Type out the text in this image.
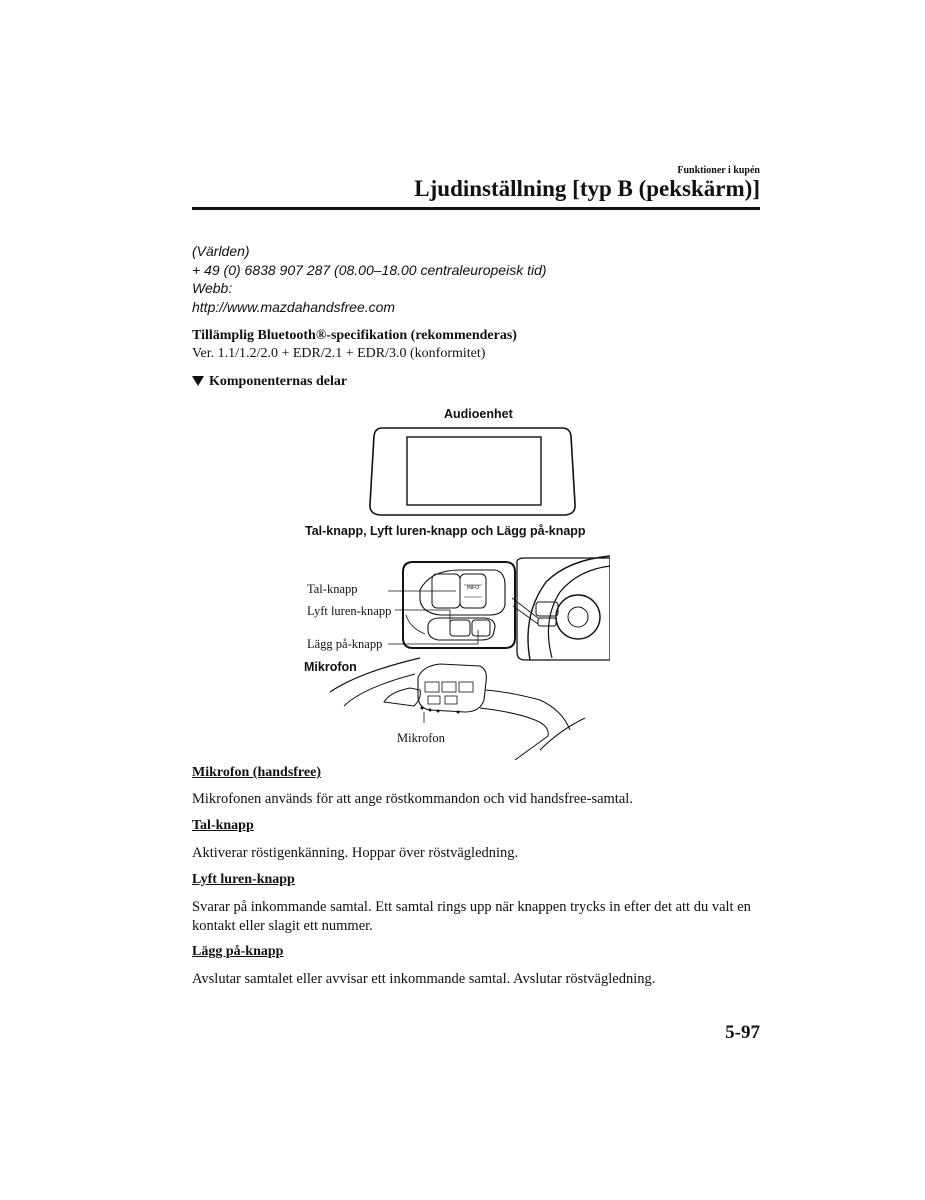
Funktioner i kupén
Ljudinställning [typ B (pekskärm)]
(Världen)
+ 49 (0) 6838 907 287 (08.00–18.00 centraleuropeisk tid)
Webb:
http://www.mazdahandsfree.com
Tillämplig Bluetooth®-specifikation (rekommenderas)
Ver. 1.1/1.2/2.0 + EDR/2.1 + EDR/3.0 (konformitet)
Komponenternas delar
Audioenhet
INFO
Tal-knapp, Lyft luren-knapp och Lägg på-knapp
Tal-knapp
Lyft luren-knapp
Lägg på-knapp
Mikrofon
Mikrofon
Mikrofon (handsfree)
Mikrofonen används för att ange röstkommandon och vid handsfree-samtal.
Tal-knapp
Aktiverar röstigenkänning. Hoppar över röstvägledning.
Lyft luren-knapp
Svarar på inkommande samtal. Ett samtal rings upp när knappen trycks in efter det att du valt en kontakt eller slagit ett nummer.
Lägg på-knapp
Avslutar samtalet eller avvisar ett inkommande samtal. Avslutar röstvägledning.
5-97
